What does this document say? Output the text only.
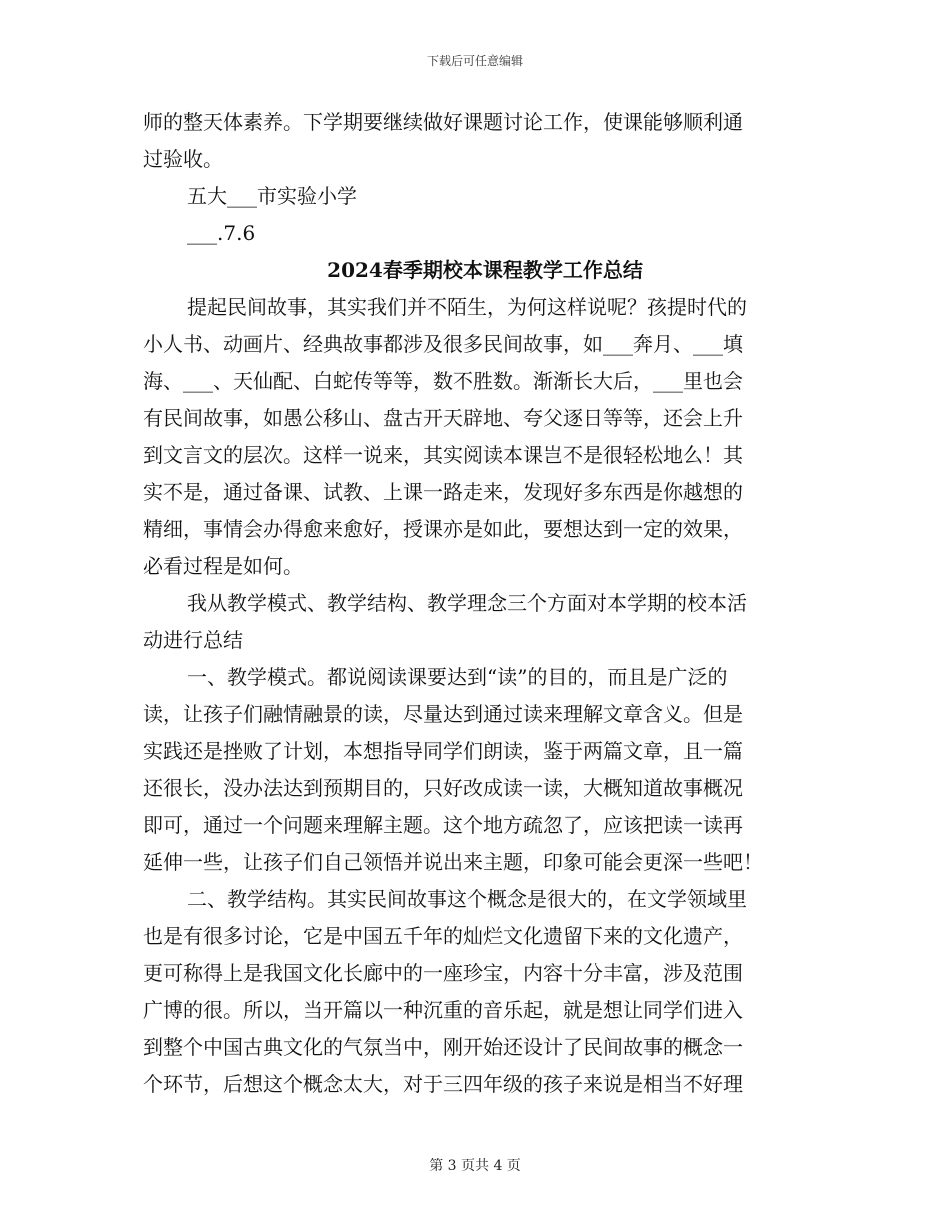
下载后可任意编辑
师的整天体素养。下学期要继续做好课题讨论工作，使课能够顺利通
过验收。
五大___市实验小学
___.7.6
2024春季期校本课程教学工作总结
提起民间故事，其实我们并不陌生，为何这样说呢？孩提时代的
小人书、动画片、经典故事都涉及很多民间故事，如___奔月、___填
海、___、天仙配、白蛇传等等，数不胜数。渐渐长大后，___里也会
有民间故事，如愚公移山、盘古开天辟地、夸父逐日等等，还会上升
到文言文的层次。这样一说来，其实阅读本课岂不是很轻松地么！其
实不是，通过备课、试教、上课一路走来，发现好多东西是你越想的
精细，事情会办得愈来愈好，授课亦是如此，要想达到一定的效果，
必看过程是如何。
我从教学模式、教学结构、教学理念三个方面对本学期的校本活
动进行总结
一、教学模式。都说阅读课要达到“读”的目的，而且是广泛的
读，让孩子们融情融景的读，尽量达到通过读来理解文章含义。但是
实践还是挫败了计划，本想指导同学们朗读，鉴于两篇文章，且一篇
还很长，没办法达到预期目的，只好改成读一读，大概知道故事概况
即可，通过一个问题来理解主题。这个地方疏忽了，应该把读一读再
延伸一些，让孩子们自己领悟并说出来主题，印象可能会更深一些吧！
二、教学结构。其实民间故事这个概念是很大的，在文学领域里
也是有很多讨论，它是中国五千年的灿烂文化遗留下来的文化遗产，
更可称得上是我国文化长廊中的一座珍宝，内容十分丰富，涉及范围
广博的很。所以，当开篇以一种沉重的音乐起，就是想让同学们进入
到整个中国古典文化的气氛当中，刚开始还设计了民间故事的概念一
个环节，后想这个概念太大，对于三四年级的孩子来说是相当不好理
第 3 页共 4 页
